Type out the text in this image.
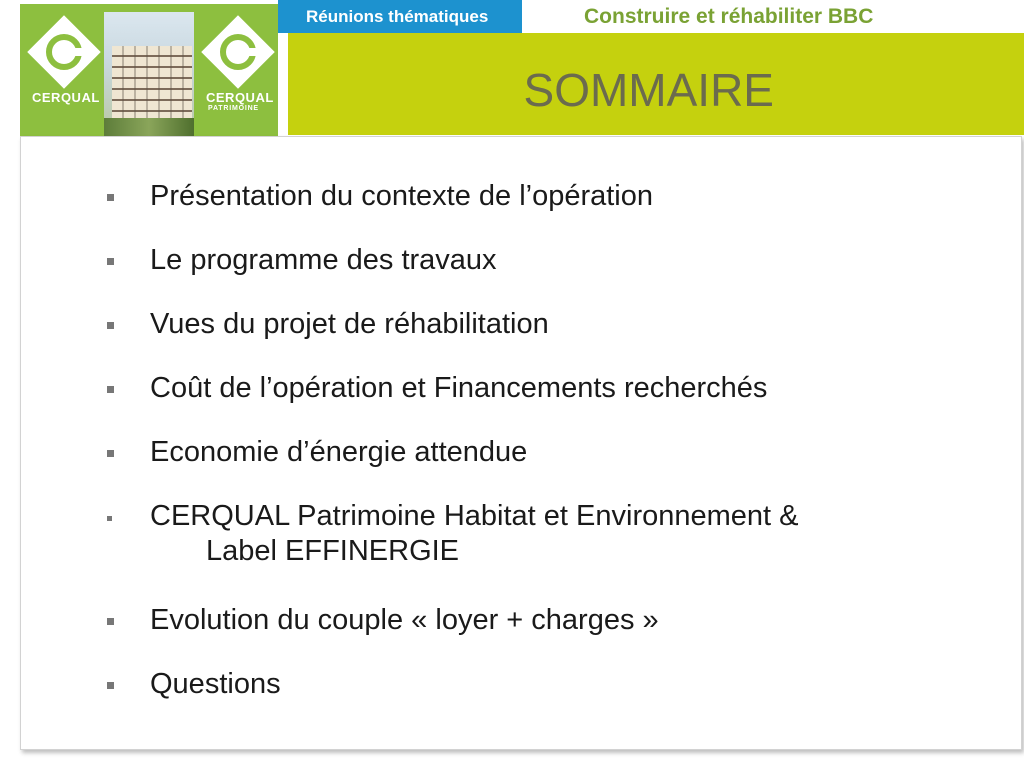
CERQUAL	CERQUAL
PATRIMOINE
Réunions thématiques	Construire et réhabiliter BBC
SOMMAIRE
Présentation du contexte de l’opération
Le programme des travaux
Vues du projet de réhabilitation
Coût de l’opération et Financements recherchés
Economie d’énergie attendue
CERQUAL Patrimoine Habitat et Environnement &
Label EFFINERGIE
Evolution du couple « loyer + charges »
Questions
